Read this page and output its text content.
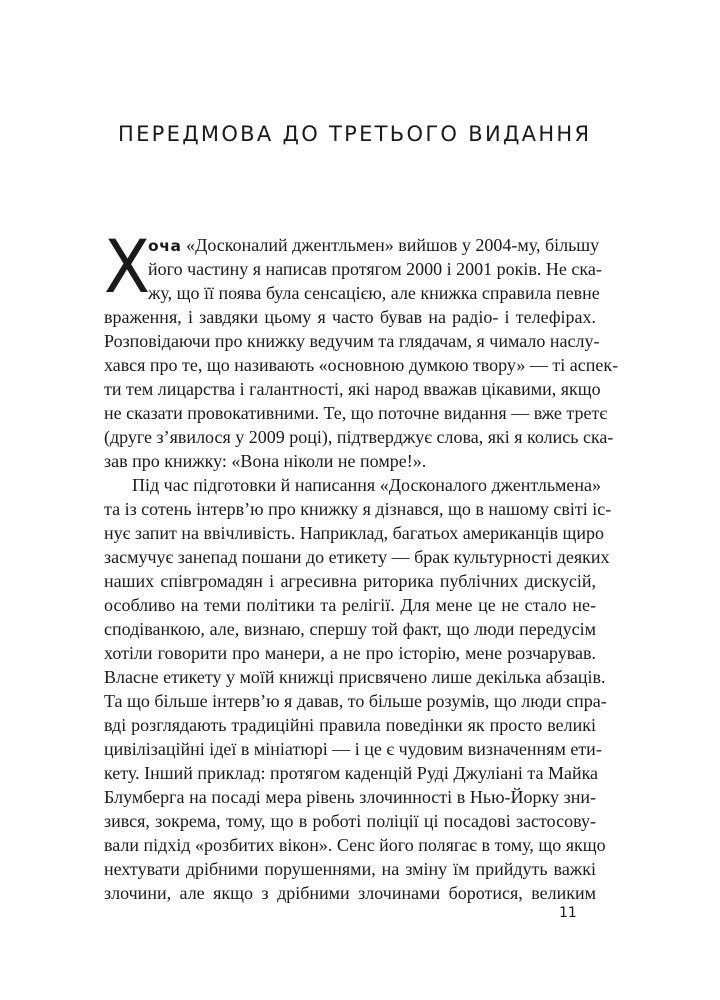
ПЕРЕДМОВА ДО ТРЕТЬОГО ВИДАННЯ
Х
оча «Досконалий джентльмен» вийшов у 2004-му, більшу
його частину я написав протягом 2000 і 2001 років. Не ска-
жу, що її поява була сенсацією, але книжка справила певне
враження, і завдяки цьому я часто бував на радіо- і телефірах.
Розповідаючи про книжку ведучим та глядачам, я чимало наслу-
хався про те, що називають «основною думкою твору» — ті аспек-
ти тем лицарства і галантності, які народ вважав цікавими, якщо
не сказати провокативними. Те, що поточне видання — вже третє
(друге з’явилося у 2009 році), підтверджує слова, які я колись ска-
зав про книжку: «Вона ніколи не помре!».
Під час підготовки й написання «Досконалого джентльмена»
та із сотень інтерв’ю про книжку я дізнався, що в нашому світі іс-
нує запит на ввічливість. Наприклад, багатьох американців щиро
засмучує занепад пошани до етикету — брак культурності деяких
наших співгромадян і агресивна риторика публічних дискусій,
особливо на теми політики та релігії. Для мене це не стало не-
сподіванкою, але, визнаю, спершу той факт, що люди передусім
хотіли говорити про манери, а не про історію, мене розчарував.
Власне етикету у моїй книжці присвячено лише декілька абзаців.
Та що більше інтерв’ю я давав, то більше розумів, що люди спра-
вді розглядають традиційні правила поведінки як просто великі
цивілізаційні ідеї в мініатюрі — і це є чудовим визначенням ети-
кету. Інший приклад: протягом каденцій Руді Джуліані та Майка
Блумберга на посаді мера рівень злочинності в Нью-Йорку зни-
зився, зокрема, тому, що в роботі поліції ці посадові застосову-
вали підхід «розбитих вікон». Сенс його полягає в тому, що якщо
нехтувати дрібними порушеннями, на зміну їм прийдуть важкі
злочини, але якщо з дрібними злочинами боротися, великим
11
